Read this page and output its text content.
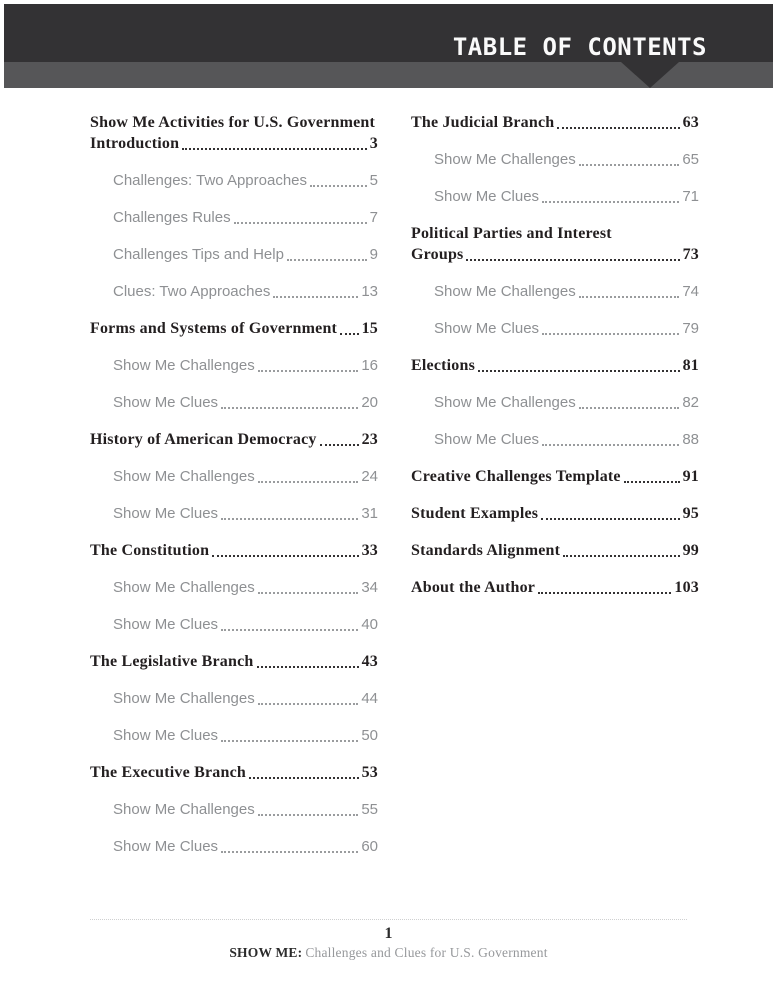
TABLE OF CONTENTS
Show Me Activities for U.S. Government
Introduction	3
Challenges: Two Approaches	5
Challenges Rules	7
Challenges Tips and Help	9
Clues: Two Approaches	13
Forms and Systems of Government 15
Show Me Challenges	16
Show Me Clues	20
History of American Democracy	23
Show Me Challenges	24
Show Me Clues	31
The Constitution	33
Show Me Challenges	34
Show Me Clues	40
The Legislative Branch	43
Show Me Challenges	44
Show Me Clues	50
The Executive Branch	53
Show Me Challenges	55
Show Me Clues	60
The Judicial Branch	63
Show Me Challenges	65
Show Me Clues	71
Political Parties and Interest
Groups	73
Show Me Challenges	74
Show Me Clues	79
Elections	81
Show Me Challenges	82
Show Me Clues	88
Creative Challenges Template	91
Student Examples	95
Standards Alignment	99
About the Author	103
1
SHOW ME: Challenges and Clues for U.S. Government
